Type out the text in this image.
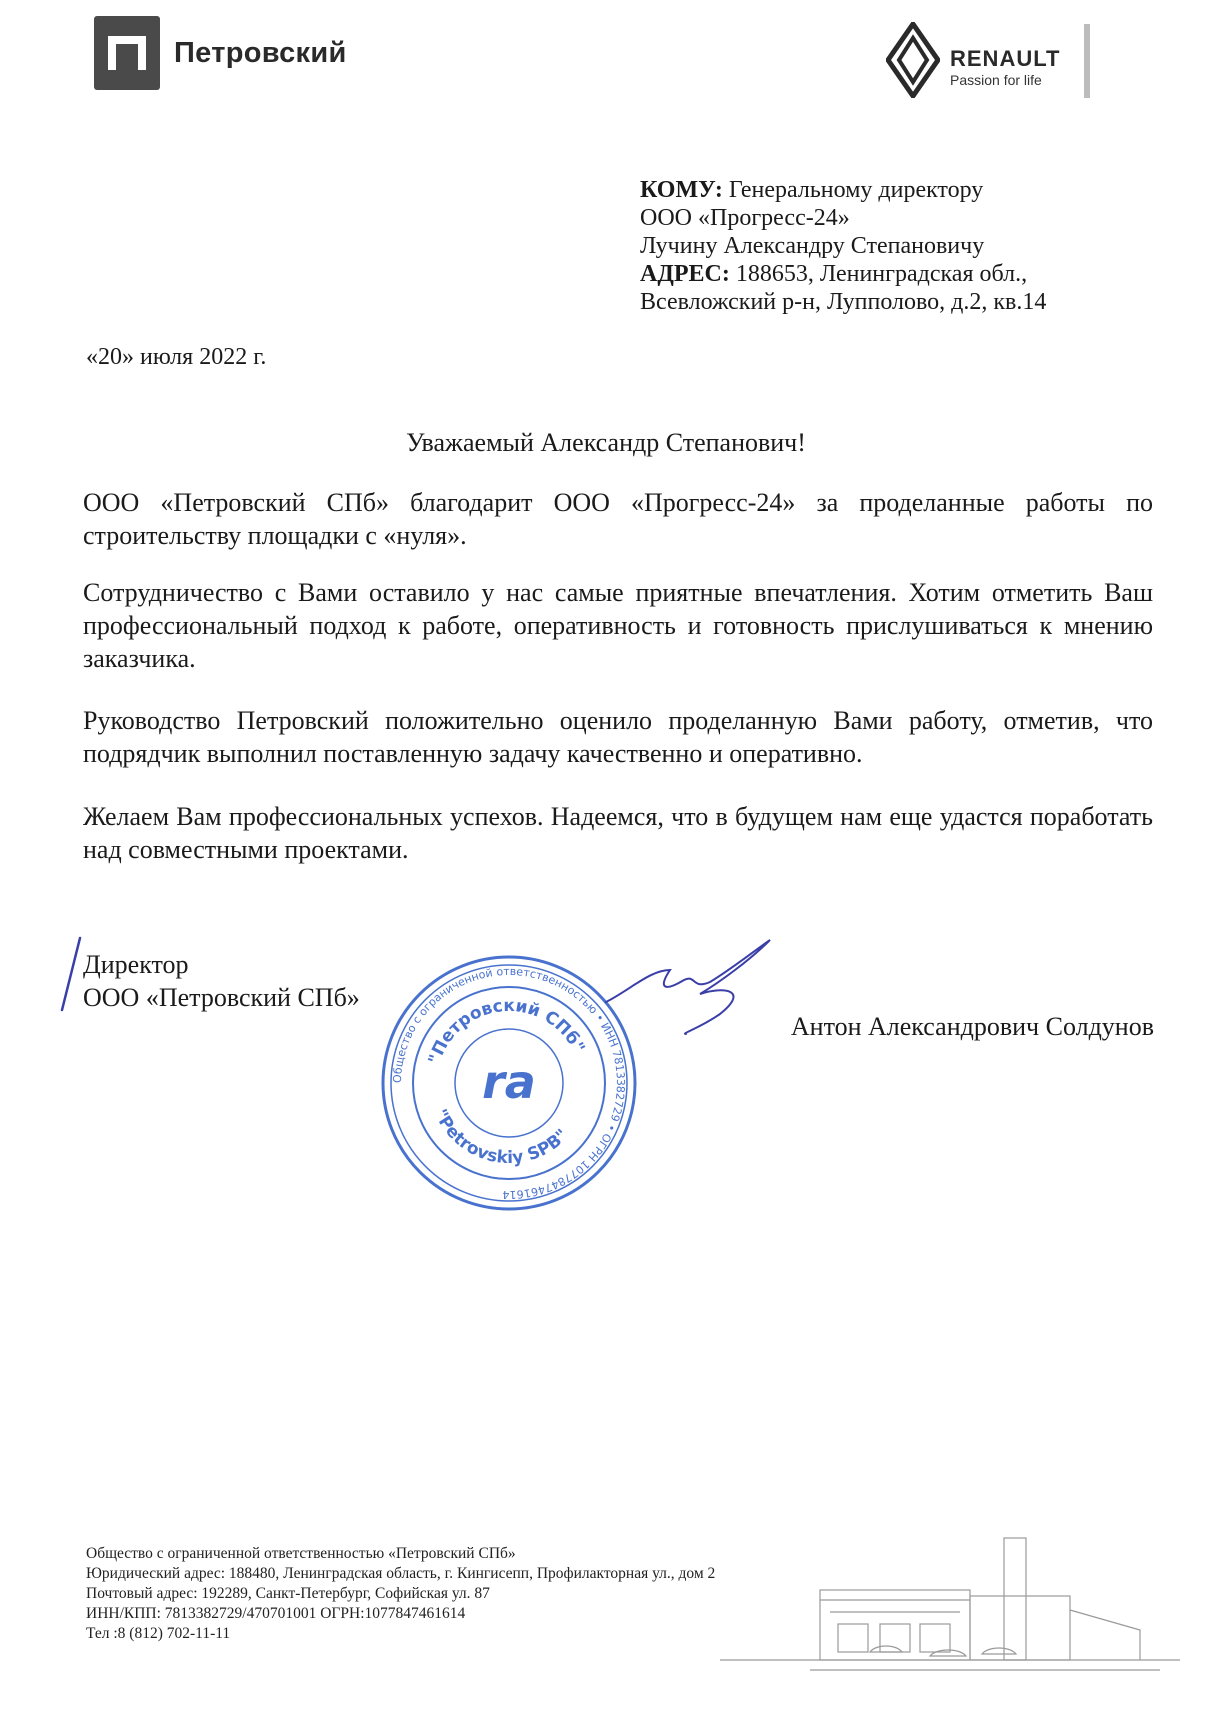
Петровский	RENAULT
Passion for life
КОМУ: Генеральному директору
ООО «Прогресс-24»
Лучину Александру Степановичу
АДРЕС: 188653, Ленинградская обл.,
Всевложский р-н, Лупполово, д.2, кв.14
«20» июля 2022 г.
Уважаемый Александр Степанович!
ООО «Петровский СПб» благодарит ООО «Прогресс-24» за проделанные работы по строительству площадки с «нуля».
Сотрудничество с Вами оставило у нас самые приятные впечатления. Хотим отметить Ваш профессиональный подход к работе, оперативность и готовность прислушиваться к мнению заказчика.
Руководство Петровский положительно оценило проделанную Вами работу, отметив, что подрядчик выполнил поставленную задачу качественно и оперативно.
Желаем Вам профессиональных успехов. Надеемся, что в будущем нам еще удастся поработать над совместными проектами.
Директор
ООО «Петровский СПб»
Общество с ограниченной ответственностью • ИНН 7813382729 • ОГРН 1077847461614
"Петровский СПб"
"Petrovskiy SPB"
ra
Антон Александрович Солдунов
Общество с ограниченной ответственностью «Петровский СПб»
Юридический адрес: 188480, Ленинградская область, г. Кингисепп, Профилакторная ул., дом 2
Почтовый адрес: 192289, Санкт-Петербург, Софийская ул. 87
ИНН/КПП: 7813382729/470701001 ОГРН:1077847461614
Тел :8 (812) 702-11-11
